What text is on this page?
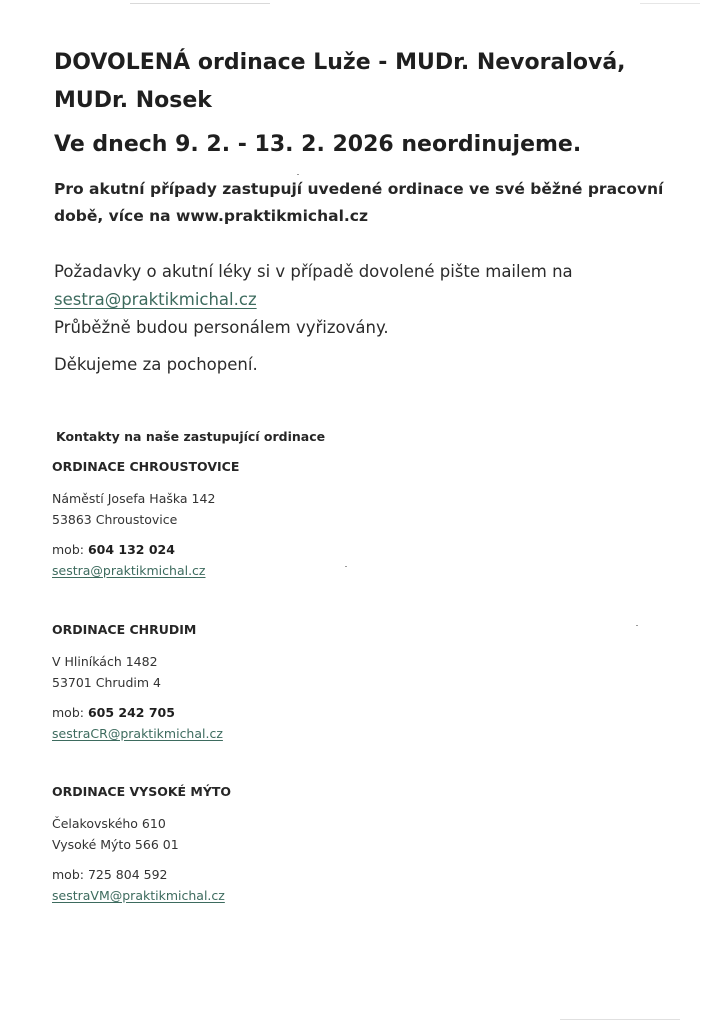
DOVOLENÁ ordinace Luže - MUDr. Nevoralová,
MUDr. Nosek
Ve dnech 9. 2. - 13. 2. 2026 neordinujeme.

Pro akutní případy zastupují uvedené ordinace ve své běžné pracovní
době, více na www.praktikmichal.cz

Požadavky o akutní léky si v případě dovolené pište mailem na
sestra@praktikmichal.cz
Průběžně budou personálem vyřizovány.

Děkujeme za pochopení.

Kontakty na naše zastupující ordinace

ORDINACE CHROUSTOVICE

Náměstí Josefa Haška 142

53863 Chroustovice

mob: 604 132 024

sestra@praktikmichal.cz

ORDINACE CHRUDIM

V Hliníkách 1482

53701 Chrudim 4

mob: 605 242 705

sestraCR@praktikmichal.cz

ORDINACE VYSOKÉ MÝTO

Čelakovského 610

Vysoké Mýto 566 01

mob: 725 804 592

sestraVM@praktikmichal.cz
